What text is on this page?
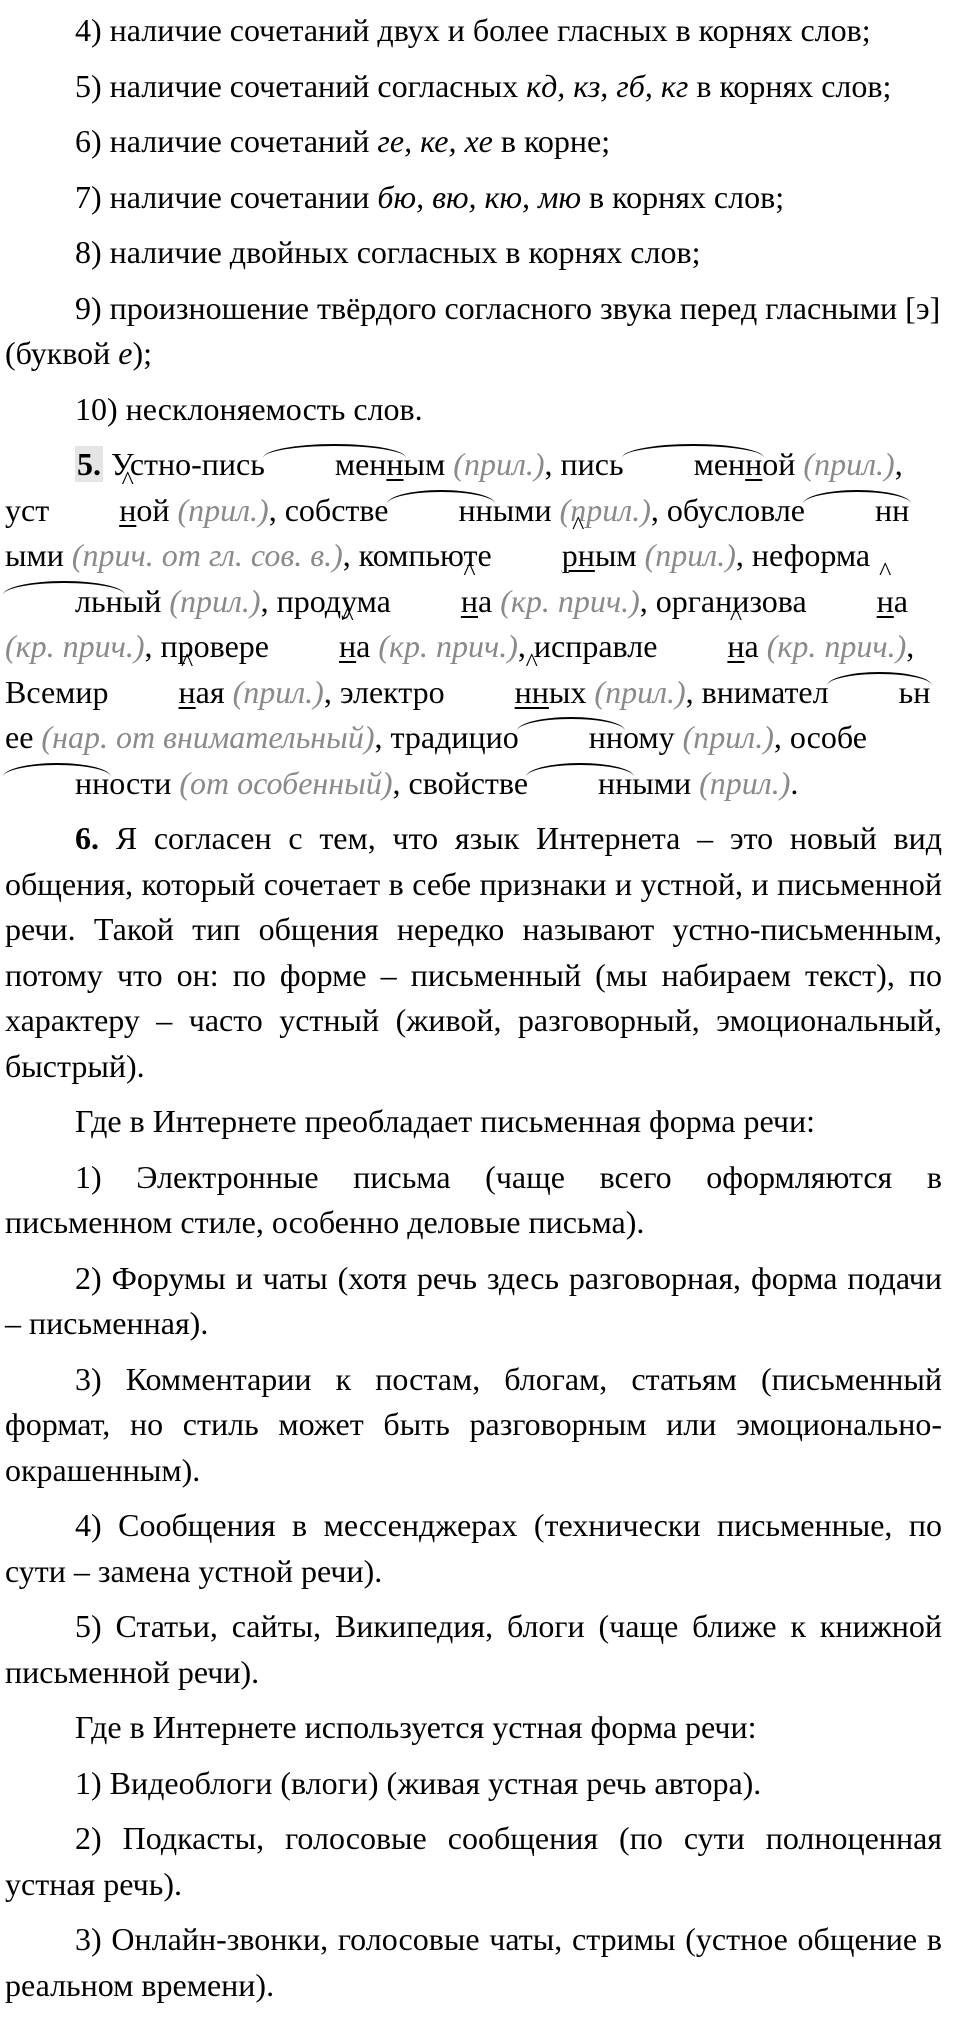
4) наличие сочетаний двух и более гласных в корнях слов;

5) наличие сочетаний согласных кд, кз, гб, кг в корнях слов;

6) наличие сочетаний ге, ке, хе в корне;

7) наличие сочетании бю, вю, кю, мю в корнях слов;

8) наличие двойных согласных в корнях слов;

9) произношение твёрдого согласного звука перед гласными [э] (буквой е);

10) несклоняемость слов.

5. Устно-пись менным (прил.), пись менной (прил.), уст ^ ной (прил.), собстве нными (прил.), обусловле нными (прич. от гл. сов. в.), компьюте ^ рным (прил.), неформальный (прил.), продума ^ на (кр. прич.), организова ^ на (кр. прич.), провере ^ на (кр. прич.), исправле ^ на (кр. прич.), Всемир ^ ная (прил.), электро ^ нных (прил.), внимател ьнее (нар. от внимательный), традицио нному (прил.), особенности (от особенный), свойстве нными (прил.).

6. Я согласен с тем, что язык Интернета – это новый вид общения, который сочетает в себе признаки и устной, и письменной речи. Такой тип общения нередко называют устно-письменным, потому что он: по форме – письменный (мы набираем текст), по характеру – часто устный (живой, разговорный, эмоциональный, быстрый).

Где в Интернете преобладает письменная форма речи:

1) Электронные письма (чаще всего оформляются в письменном стиле, особенно деловые письма).

2) Форумы и чаты (хотя речь здесь разговорная, форма подачи – письменная).

3) Комментарии к постам, блогам, статьям (письменный формат, но стиль может быть разговорным или эмоционально-окрашенным).

4) Сообщения в мессенджерах (технически письменные, по сути – замена устной речи).

5) Статьи, сайты, Википедия, блоги (чаще ближе к книжной письменной речи).

Где в Интернете используется устная форма речи:

1) Видеоблоги (влоги) (живая устная речь автора).

2) Подкасты, голосовые сообщения (по сути полноценная устная речь).

3) Онлайн-звонки, голосовые чаты, стримы (устное общение в реальном времени).
